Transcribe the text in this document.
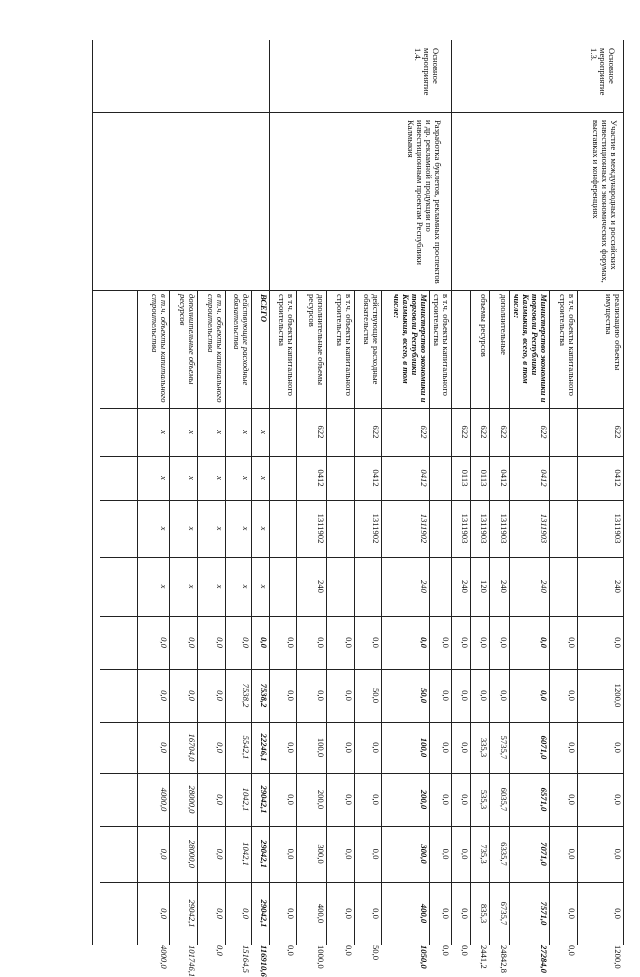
Основное мероприятие 1.3.
Участие в международных и российских инвестиционных и экономических форумах, выставках и конференциях
Основное мероприятие 1.4.
Разработка буклетов, рекламных проспектов и др. рекламной продукции по инвестиционным проектам Республики Калмыкия
реализацию объекты имущества
622
0412
1311903
240
0,0
1200,0
0,0
0,0
0,0
0,0
1200,0
в т.ч. объекты капитального строительства
0,0
0,0
0,0
0,0
0,0
0,0
0,0
Министерство экономики и торговли Республики Калмыкия, всего, в том числе:
622
0412
1311903
240
0,0
0,0
6071,0
6571,0
7071,0
7571,0
27284,0
дополнительные
622
0412
1311903
240
0,0
0,0
5735,7
6035,7
6335,7
6735,7
24842,8
объемы ресурсов
622
0113
1311903
120
0,0
0,0
335,3
535,3
735,3
835,3
2441,2
622
0113
1311903
240
0,0
0,0
0,0
0,0
0,0
0,0
0,0
в т.ч. объекты капитального строительства
0,0
0,0
0,0
0,0
0,0
0,0
0,0
Министерство экономики и торговли Республики Калмыкия, всего, в том числе:
622
0412
1311902
240
0,0
50,0
100,0
200,0
300,0
400,0
1050,0
действующие расходные обязательства
622
0412
1311902
0,0
50,0
0,0
0,0
0,0
0,0
50,0
в т.ч. объекты капитального строительства
0,0
0,0
0,0
0,0
0,0
0,0
0,0
дополнительные объемы ресурсов
622
0412
1311902
240
0,0
0,0
100,0
200,0
300,0
400,0
1000,0
в т.ч. объекты капитального строительства
0,0
0,0
0,0
0,0
0,0
0,0
0,0
ВСЕГО
x
x
x
x
0,0
7538,2
22246,1
29042,1
29042,1
29042,1
116910,6
действующие расходные обязательства
x
x
x
x
0,0
7538,2
5542,1
1042,1
1042,1
0,0
15164,5
в т.ч. объекты капитального строительства
x
x
x
x
0,0
0,0
0,0
0,0
0,0
0,0
0,0
дополнительные объемы ресурсов
x
x
x
x
0,0
0,0
16704,0
28000,0
28000,0
29042,1
101746,1
в т.ч. объекты капитального строительства
x
x
x
x
0,0
0,0
0,0
4000,0
0,0
0,0
4000,0
